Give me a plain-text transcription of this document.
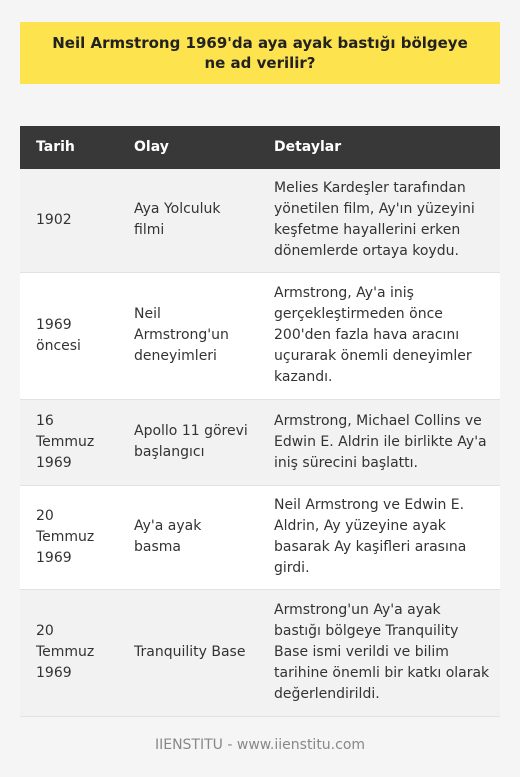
Neil Armstrong 1969'da aya ayak bastığı bölgeye ne ad verilir?
Tarih	Olay	Detaylar
1902	Aya Yolculuk filmi	Melies Kardeşler tarafından yönetilen film, Ay'ın yüzeyini keşfetme hayallerini erken dönemlerde ortaya koydu.
1969 öncesi	Neil Armstrong'un deneyimleri	Armstrong, Ay'a iniş gerçekleştirmeden önce 200'den fazla hava aracını uçurarak önemli deneyimler kazandı.
16 Temmuz 1969	Apollo 11 görevi başlangıcı	Armstrong, Michael Collins ve Edwin E. Aldrin ile birlikte Ay'a iniş sürecini başlattı.
20 Temmuz 1969	Ay'a ayak basma	Neil Armstrong ve Edwin E. Aldrin, Ay yüzeyine ayak basarak Ay kaşifleri arasına girdi.
20 Temmuz 1969	Tranquility Base	Armstrong'un Ay'a ayak bastığı bölgeye Tranquility Base ismi verildi ve bilim tarihine önemli bir katkı olarak değerlendirildi.
IIENSTITU - www.iienstitu.com
